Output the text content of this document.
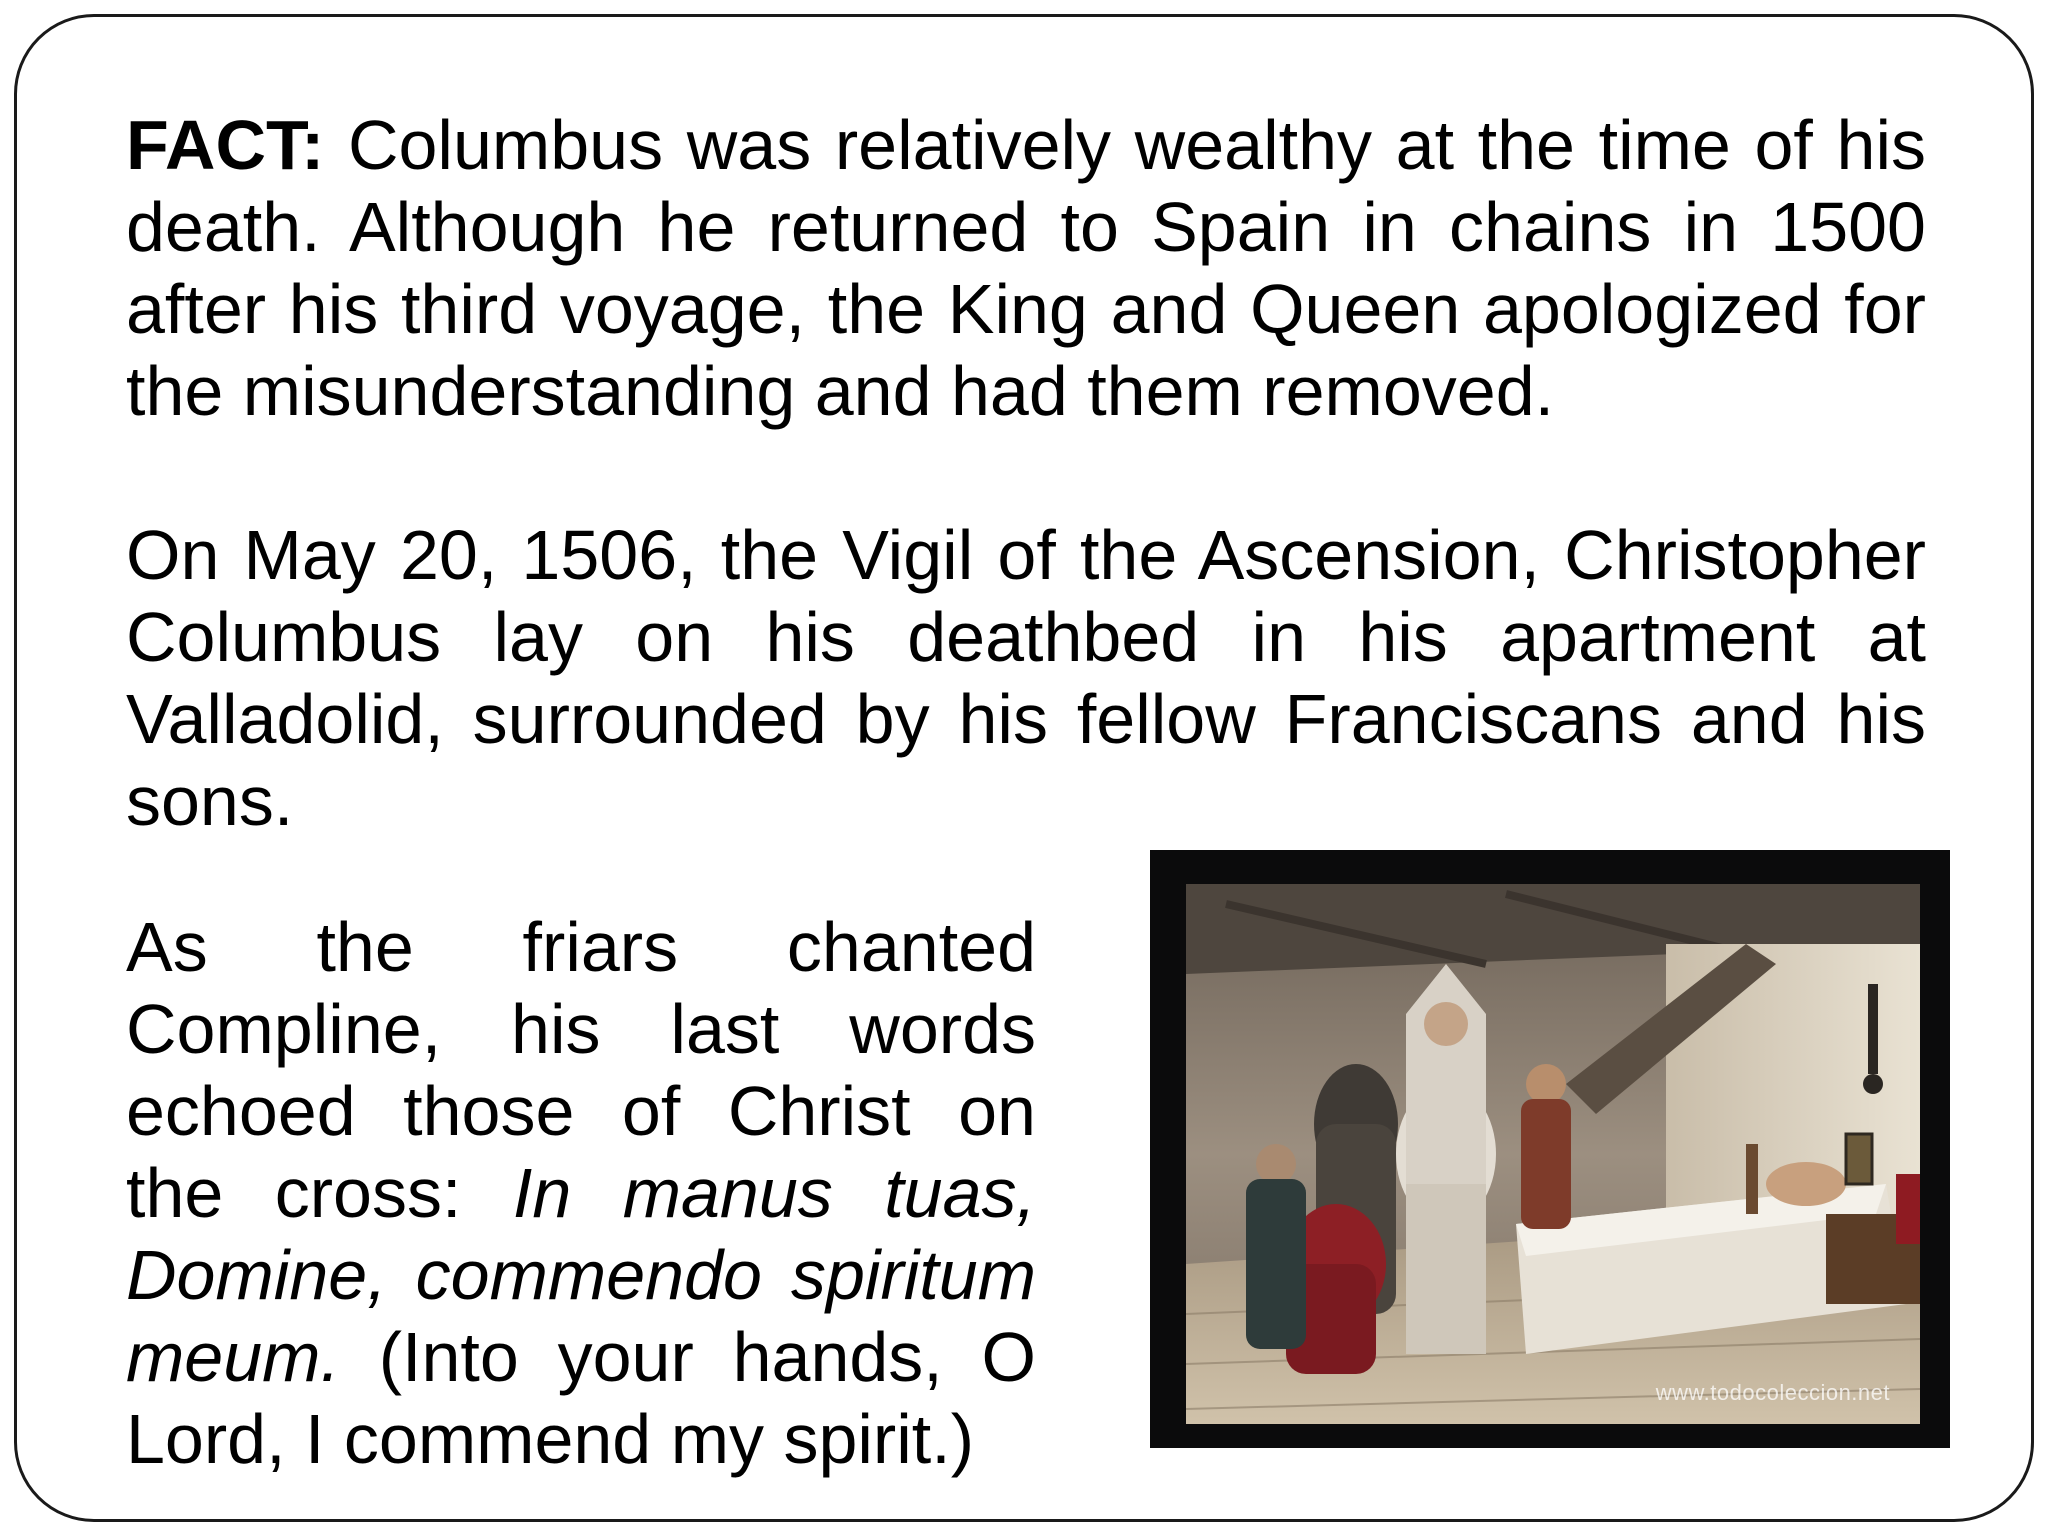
FACT: Columbus was relatively wealthy at the time of his death. Although he returned to Spain in chains in 1500 after his third voyage, the King and Queen apologized for the misunderstanding and had them removed.
On May 20, 1506, the Vigil of the Ascension, Christopher Columbus lay on his deathbed in his apartment at Valladolid, surrounded by his fellow Franciscans and his sons.
As the friars chanted Compline, his last words echoed those of Christ on the cross: In manus tuas, Domine, commendo spiritum meum. (Into your hands, O Lord, I commend my spirit.)
www.todocoleccion.net
